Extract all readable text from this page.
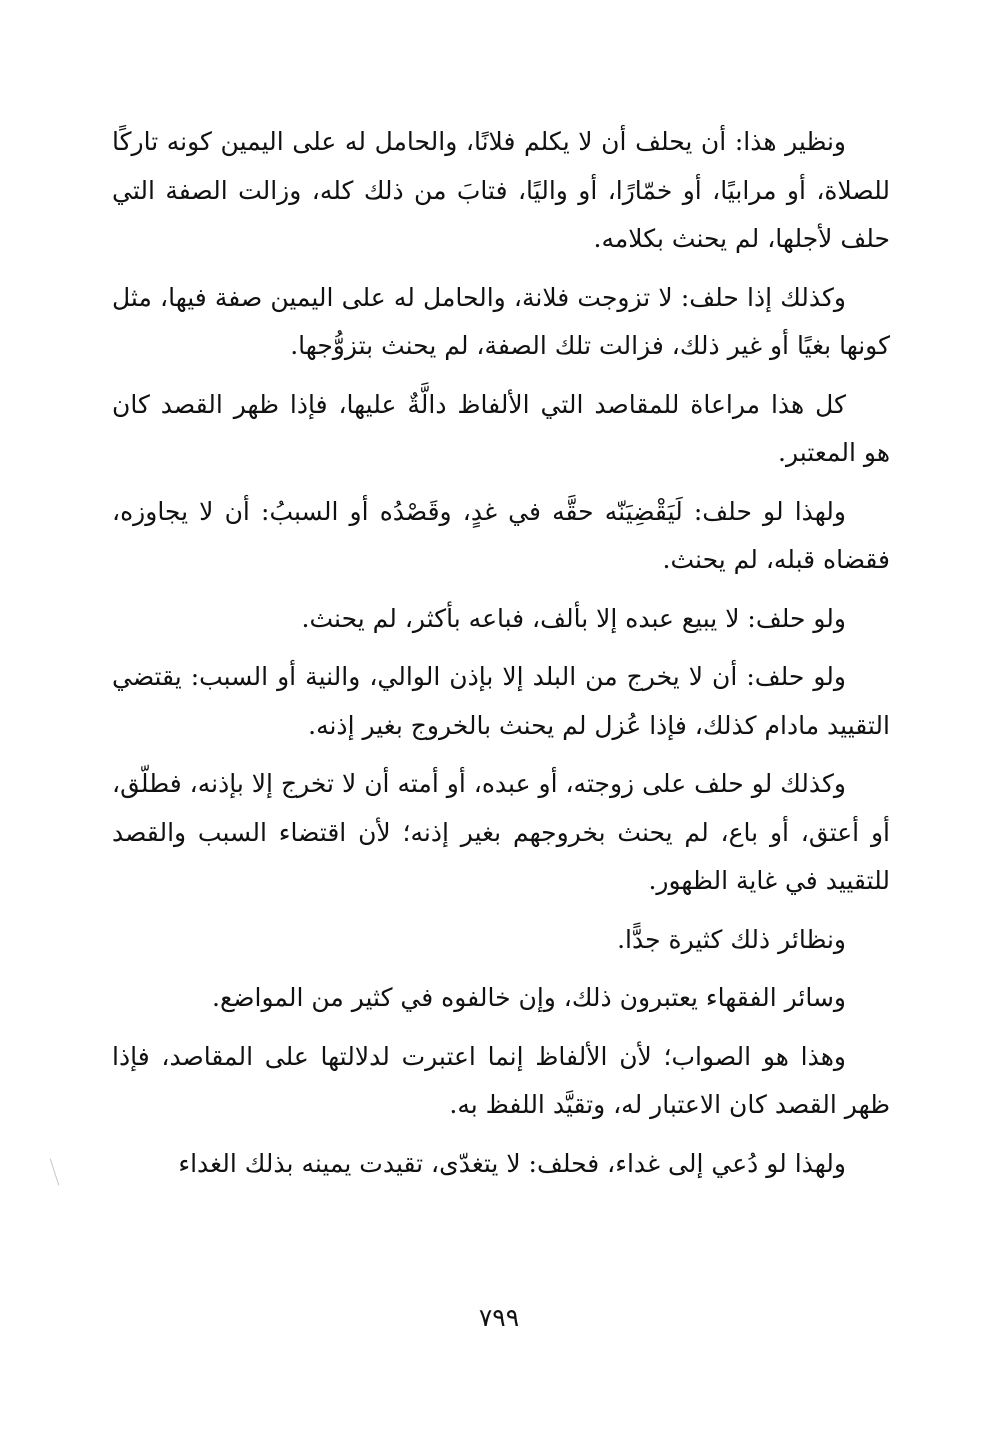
ونظير هذا: أن يحلف أن لا يكلم فلانًا، والحامل له على اليمين كونه تاركًا للصلاة، أو مرابيًا، أو خمّارًا، أو واليًا، فتابَ من ذلك كله، وزالت الصفة التي حلف لأجلها، لم يحنث بكلامه.

وكذلك إذا حلف: لا تزوجت فلانة، والحامل له على اليمين صفة فيها، مثل كونها بغيًا أو غير ذلك، فزالت تلك الصفة، لم يحنث بتزوُّجها.

كل هذا مراعاة للمقاصد التي الألفاظ دالَّةٌ عليها، فإذا ظهر القصد كان هو المعتبر.

ولهذا لو حلف: لَيَقْضِيَنّه حقَّه في غدٍ، وقَصْدُه أو السببُ: أن لا يجاوزه، فقضاه قبله، لم يحنث.

ولو حلف: لا يبيع عبده إلا بألف، فباعه بأكثر، لم يحنث.

ولو حلف: أن لا يخرج من البلد إلا بإذن الوالي، والنية أو السبب: يقتضي التقييد مادام كذلك، فإذا عُزل لم يحنث بالخروج بغير إذنه.

وكذلك لو حلف على زوجته، أو عبده، أو أمته أن لا تخرج إلا بإذنه، فطلّق، أو أعتق، أو باع، لم يحنث بخروجهم بغير إذنه؛ لأن اقتضاء السبب والقصد للتقييد في غاية الظهور.

ونظائر ذلك كثيرة جدًّا.

وسائر الفقهاء يعتبرون ذلك، وإن خالفوه في كثير من المواضع.

وهذا هو الصواب؛ لأن الألفاظ إنما اعتبرت لدلالتها على المقاصد، فإذا ظهر القصد كان الاعتبار له، وتقيَّد اللفظ به.

ولهذا لو دُعي إلى غداء، فحلف: لا يتغدّى، تقيدت يمينه بذلك الغداء

٧٩٩
